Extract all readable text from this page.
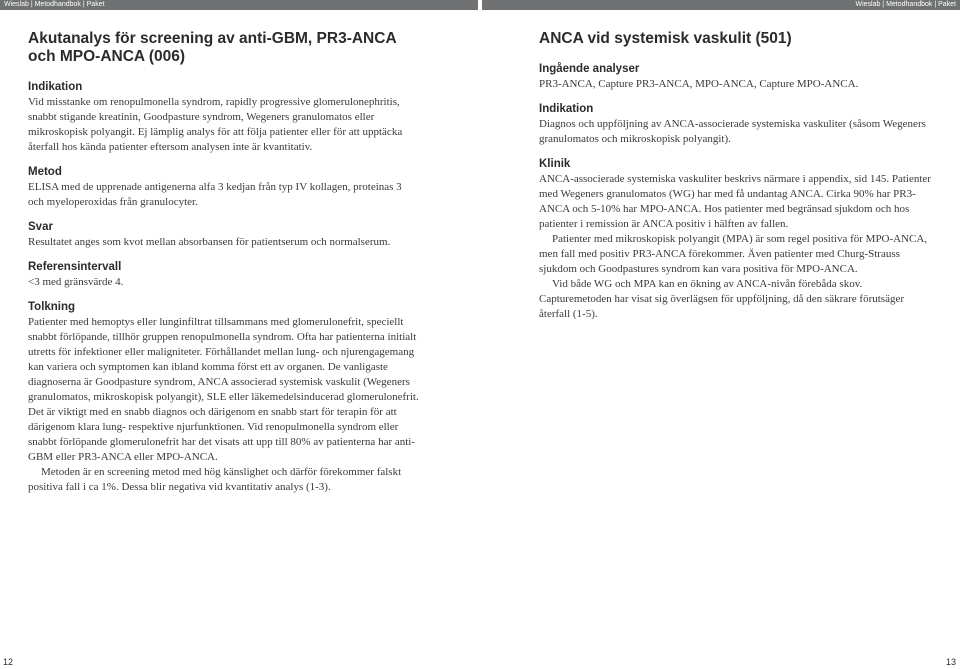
Wieslab | Metodhandbok | Paket	Wieslab | Metodhandbok | Paket
Akutanalys för screening av anti-GBM, PR3-ANCA och MPO-ANCA (006)
Indikation

Vid misstanke om renopulmonella syndrom, rapidly progressive glomerulonephritis, snabbt stigande kreatinin, Goodpasture syndrom, Wegeners granulomatos eller mikroskopisk polyangit. Ej lämplig analys för att följa patienter eller för att upptäcka återfall hos kända patienter eftersom analysen inte är kvantitativ.

Metod

ELISA med de upprenade antigenerna alfa 3 kedjan från typ IV kollagen, proteinas 3 och myeloperoxidas från granulocyter.

Svar

Resultatet anges som kvot mellan absorbansen för patientserum och normalserum.

Referensintervall

<3 med gränsvärde 4.

Tolkning

Patienter med hemoptys eller lunginfiltrat tillsammans med glomerulonefrit, speciellt snabbt förlöpande, tillhör gruppen renopulmonella syndrom. Ofta har patienterna initialt utretts för infektioner eller maligniteter. Förhållandet mellan lung- och njurengagemang kan variera och symptomen kan ibland komma först ett av organen. De vanligaste diagnoserna är Goodpasture syndrom, ANCA associerad systemisk vaskulit (Wegeners granulomatos, mikroskopisk polyangit), SLE eller läkemedelsinducerad glomerulonefrit. Det är viktigt med en snabb diagnos och därigenom en snabb start för terapin för att därigenom klara lung- respektive njurfunktionen. Vid renopulmonella syndrom eller snabbt förlöpande glomerulonefrit har det visats att upp till 80% av patienterna har anti-GBM eller PR3-ANCA eller MPO-ANCA.

Metoden är en screening metod med hög känslighet och därför förekommer falskt positiva fall i ca 1%. Dessa blir negativa vid kvantitativ analys (1-3).

ANCA vid systemisk vaskulit (501)
Ingående analyser

PR3-ANCA, Capture PR3-ANCA, MPO-ANCA, Capture MPO-ANCA.

Indikation

Diagnos och uppföljning av ANCA-associerade systemiska vaskuliter (såsom Wegeners granulomatos och mikroskopisk polyangit).

Klinik

ANCA-associerade systemiska vaskuliter beskrivs närmare i appendix, sid 145. Patienter med Wegeners granulomatos (WG) har med få undantag ANCA. Cirka 90% har PR3-ANCA och 5-10% har MPO-ANCA. Hos patienter med begränsad sjukdom och hos patienter i remission är ANCA positiv i hälften av fallen.

Patienter med mikroskopisk polyangit (MPA) är som regel positiva för MPO-ANCA, men fall med positiv PR3-ANCA förekommer. Även patienter med Churg-Strauss sjukdom och Goodpastures syndrom kan vara positiva för MPO-ANCA.

Vid både WG och MPA kan en ökning av ANCA-nivån förebåda skov. Capturemetoden har visat sig överlägsen för uppföljning, då den säkrare förutsäger återfall (1-5).

12	13
